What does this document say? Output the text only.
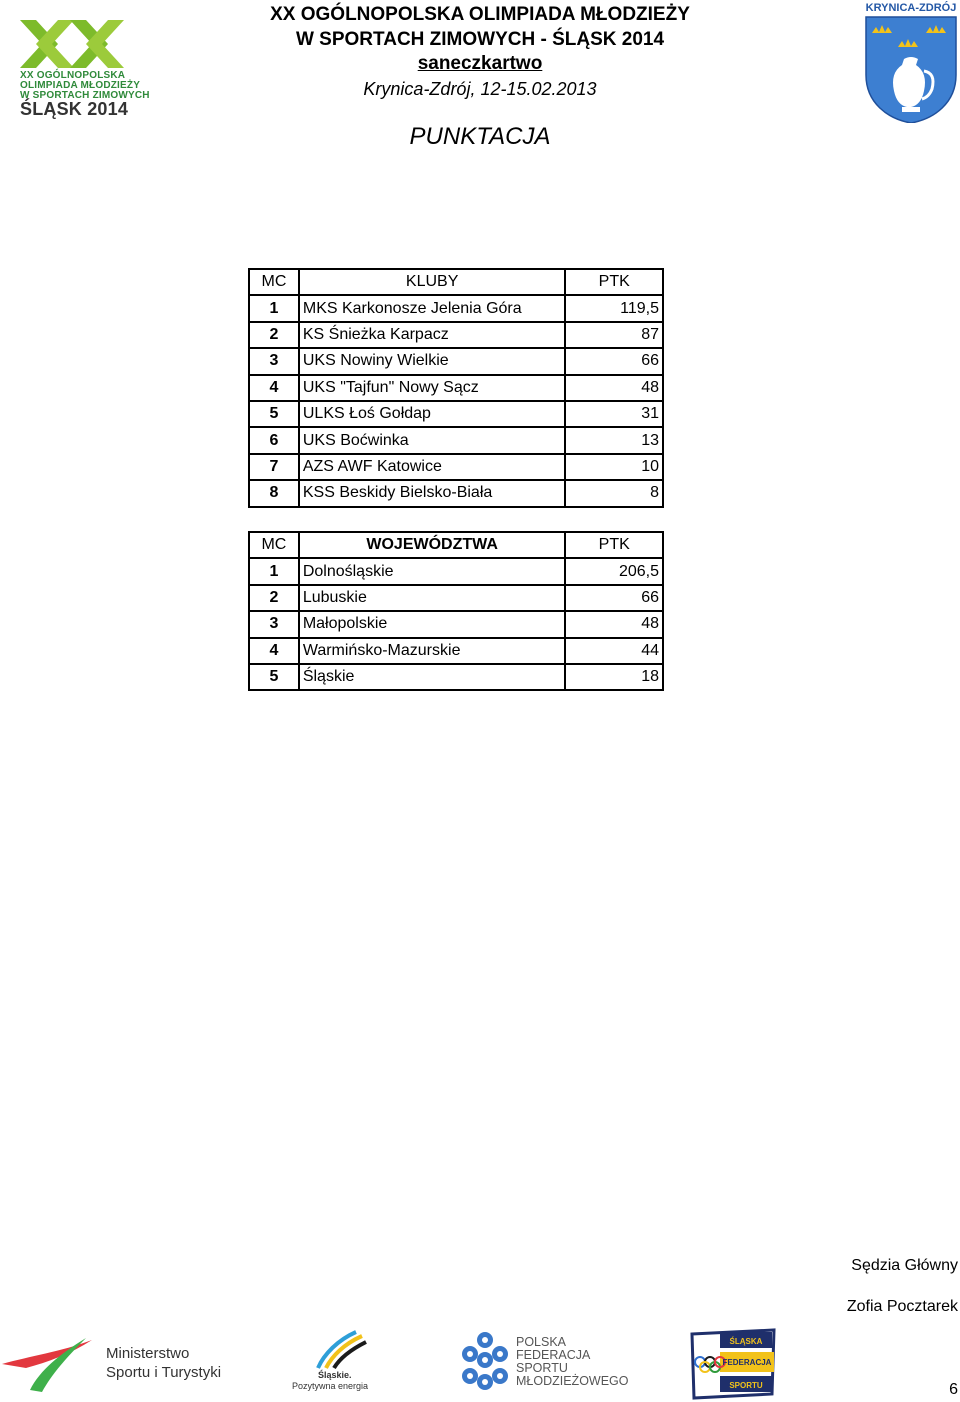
XX OGÓLNOPOLSKA
OLIMPIADA MŁODZIEŻY
W SPORTACH ZIMOWYCH
ŚLĄSK 2014
XX OGÓLNOPOLSKA OLIMPIADA MŁODZIEŻY
W SPORTACH ZIMOWYCH - ŚLĄSK 2014
saneczkartwo
Krynica-Zdrój, 12-15.02.2013
PUNKTACJA
KRYNICA-ZDRÓJ
MC	KLUBY	PTK
1	MKS Karkonosze Jelenia Góra	119,5
2	KS Śnieżka Karpacz	87
3	UKS Nowiny Wielkie	66
4	UKS "Tajfun" Nowy Sącz	48
5	ULKS Łoś Gołdap	31
6	UKS Boćwinka	13
7	AZS AWF Katowice	10
8	KSS Beskidy Bielsko-Biała	8
MC	WOJEWÓDZTWA	PTK
1	Dolnośląskie	206,5
2	Lubuskie	66
3	Małopolskie	48
4	Warmińsko-Mazurskie	44
5	Śląskie	18
Sędzia Główny
Zofia Pocztarek
Ministerstwo
Sportu i Turystyki	Śląskie.
Pozytywna energia
POLSKA
FEDERACJA
SPORTU
MŁODZIEŻOWEGO
ŚLĄSKA
FEDERACJA
SPORTU	6
